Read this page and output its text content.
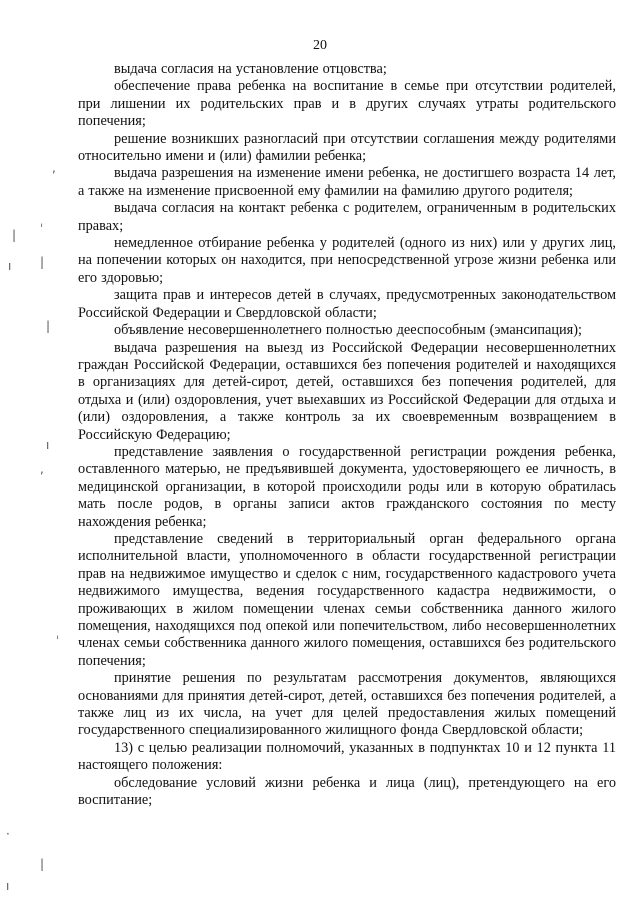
20
,
ˌ
|
|
ı
|
ı
,
ˌ
·
|
ı

выдача согласия на установление отцовства;

обеспечение права ребенка на воспитание в семье при отсутствии родителей, при лишении их родительских прав и в других случаях утраты родительского попечения;

решение возникших разногласий при отсутствии соглашения между родителями относительно имени и (или) фамилии ребенка;

выдача разрешения на изменение имени ребенка, не достигшего возраста 14 лет, а также на изменение присвоенной ему фамилии на фамилию другого родителя;

выдача согласия на контакт ребенка с родителем, ограниченным в родительских правах;

немедленное отбирание ребенка у родителей (одного из них) или у других лиц, на попечении которых он находится, при непосредственной угрозе жизни ребенка или его здоровью;

защита прав и интересов детей в случаях, предусмотренных законодательством Российской Федерации и Свердловской области;

объявление несовершеннолетнего полностью дееспособным (эмансипация);

выдача разрешения на выезд из Российской Федерации несовершеннолетних граждан Российской Федерации, оставшихся без попечения родителей и находящихся в организациях для детей-сирот, детей, оставшихся без попечения родителей, для отдыха и (или) оздоровления, учет выехавших из Российской Федерации для отдыха и (или) оздоровления, а также контроль за их своевременным возвращением в Российскую Федерацию;

представление заявления о государственной регистрации рождения ребенка, оставленного матерью, не предъявившей документа, удостоверяющего ее личность, в медицинской организации, в которой происходили роды или в которую обратилась мать после родов, в органы записи актов гражданского состояния по месту нахождения ребенка;

представление сведений в территориальный орган федерального органа исполнительной власти, уполномоченного в области государственной регистрации прав на недвижимое имущество и сделок с ним, государственного кадастрового учета недвижимого имущества, ведения государственного кадастра недвижимости, о проживающих в жилом помещении членах семьи собственника данного жилого помещения, находящихся под опекой или попечительством, либо несовершеннолетних членах семьи собственника данного жилого помещения, оставшихся без родительского попечения;

принятие решения по результатам рассмотрения документов, являющихся основаниями для принятия детей-сирот, детей, оставшихся без попечения родителей, а также лиц из их числа, на учет для целей предоставления жилых помещений государственного специализированного жилищного фонда Свердловской области;

13) с целью реализации полномочий, указанных в подпунктах 10 и 12 пункта 11 настоящего положения:

обследование условий жизни ребенка и лица (лиц), претендующего на его воспитание;
